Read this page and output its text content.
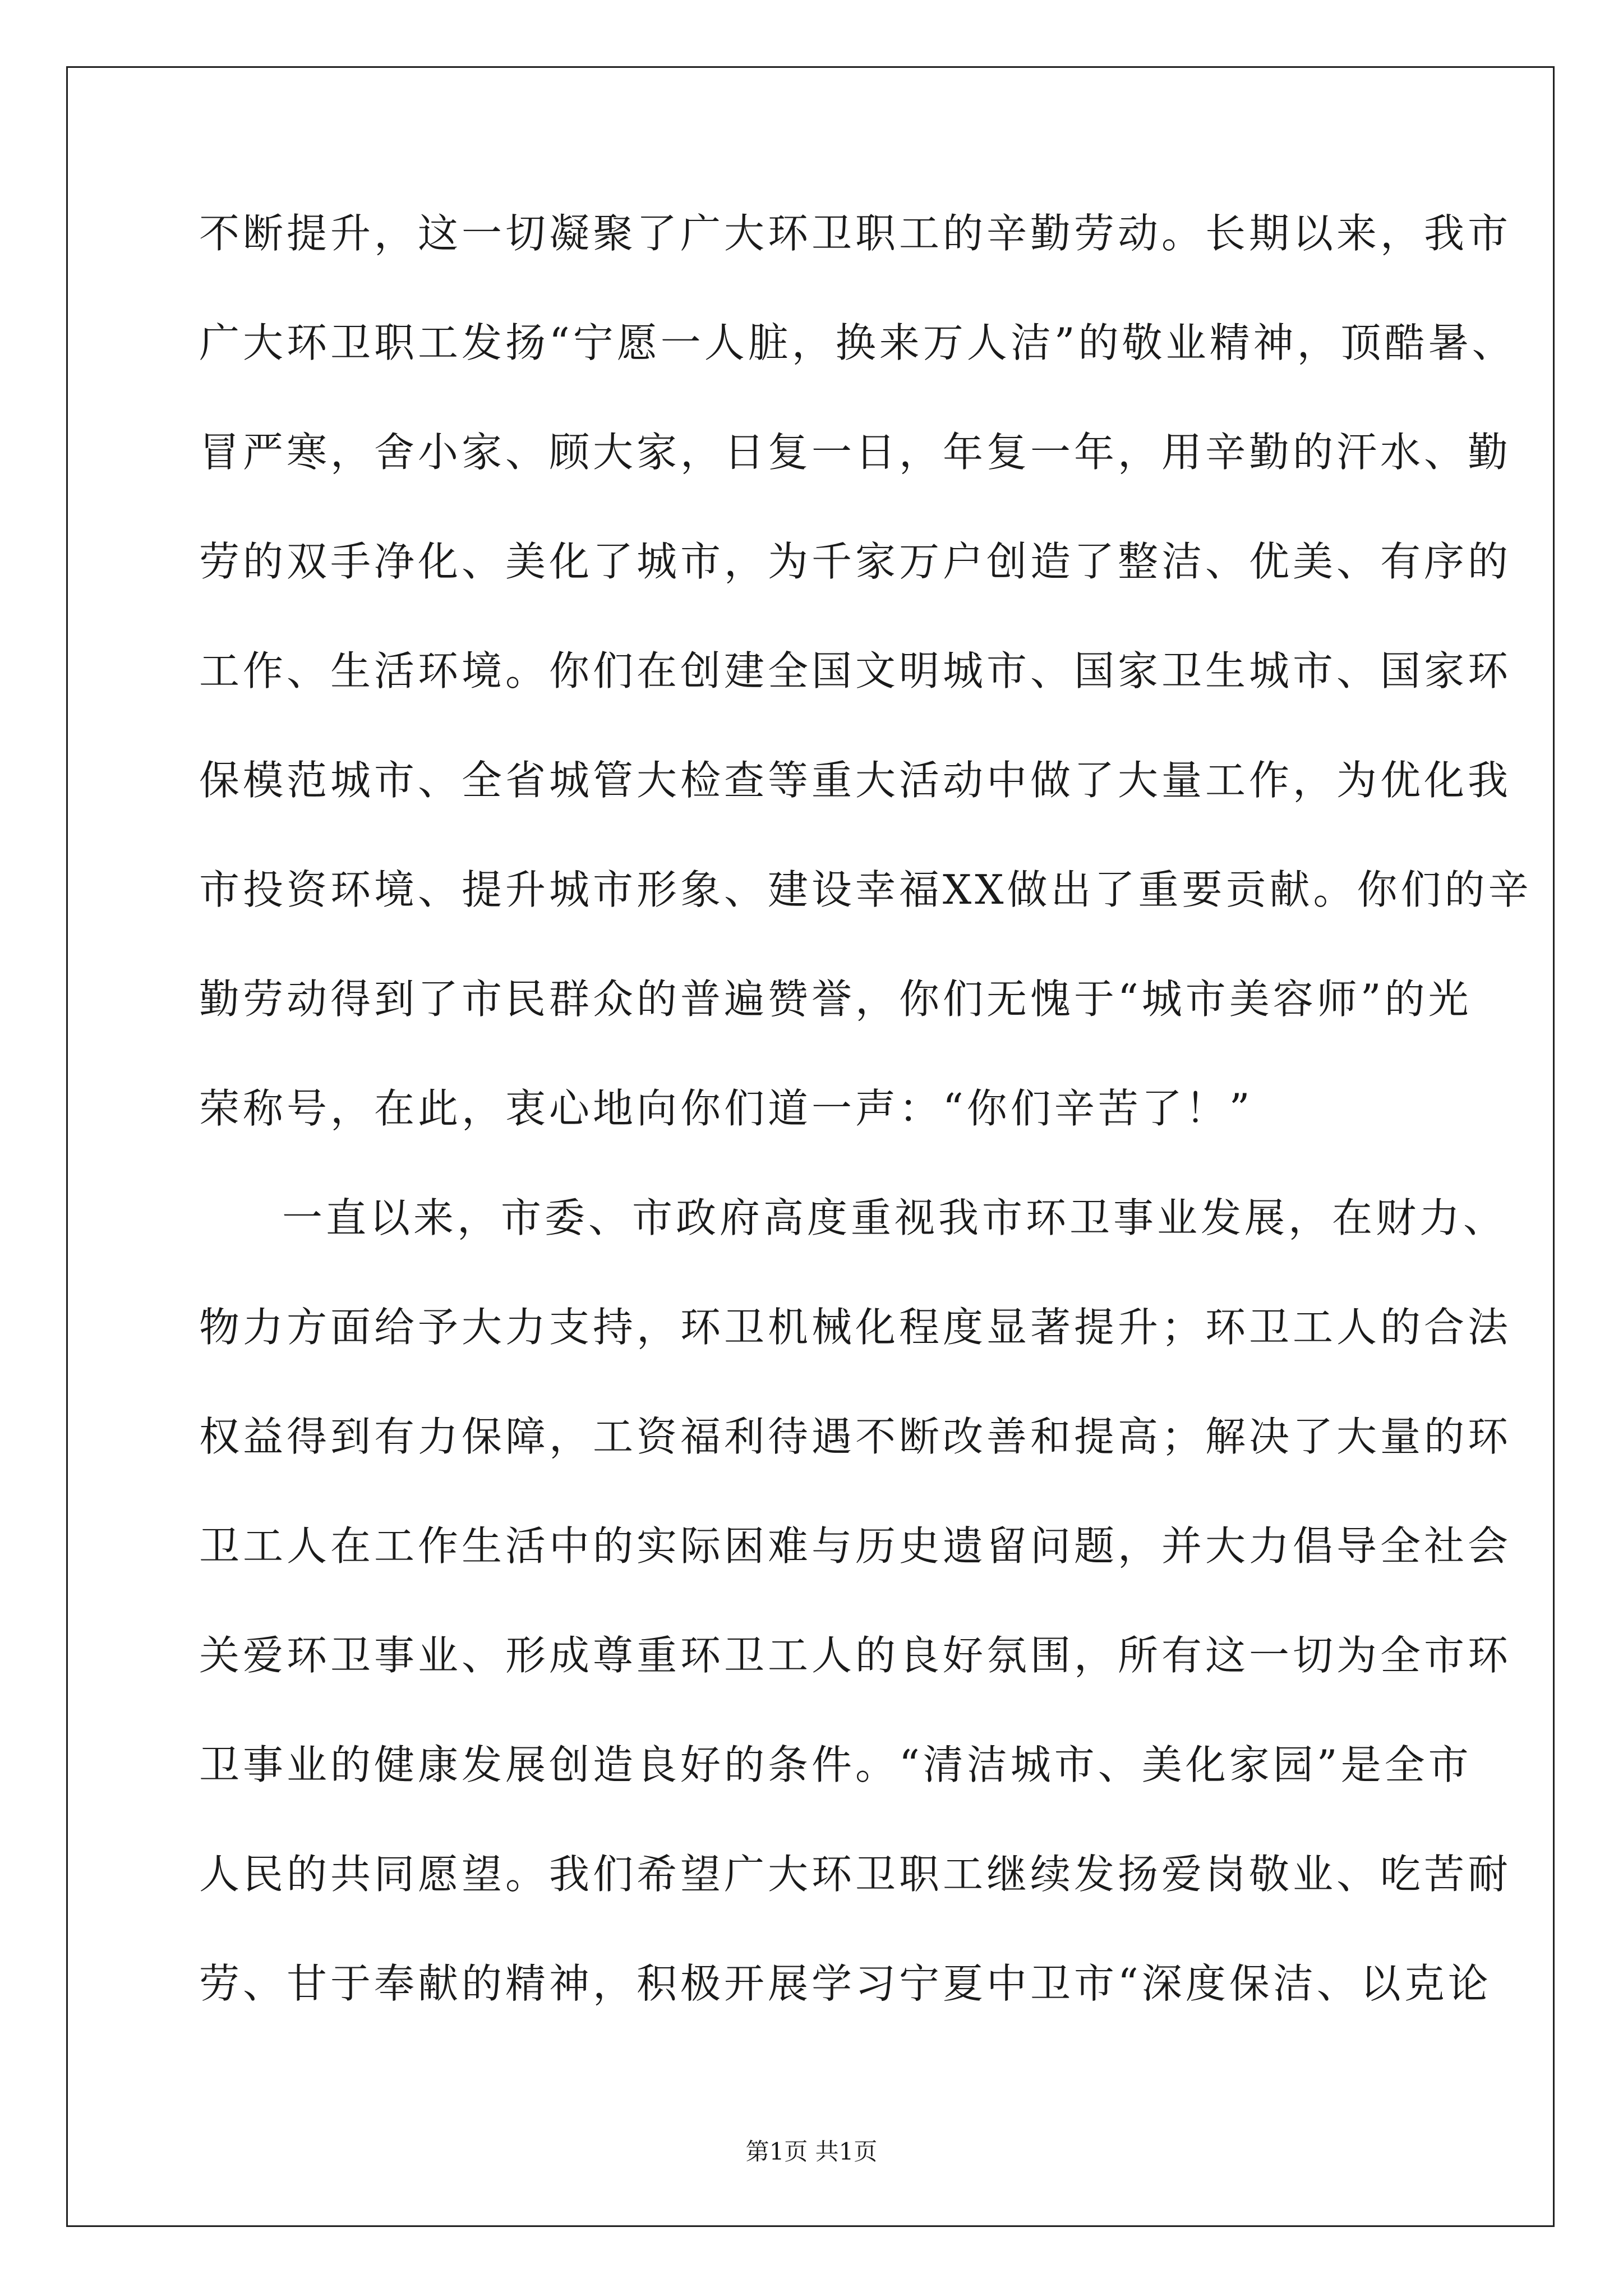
不断提升，这一切凝聚了广大环卫职工的辛勤劳动。长期以来，我市
广大环卫职工发扬“宁愿一人脏，换来万人洁”的敬业精神，顶酷暑、
冒严寒，舍小家、顾大家，日复一日，年复一年，用辛勤的汗水、勤
劳的双手净化、美化了城市，为千家万户创造了整洁、优美、有序的
工作、生活环境。你们在创建全国文明城市、国家卫生城市、国家环
保模范城市、全省城管大检查等重大活动中做了大量工作，为优化我
市投资环境、提升城市形象、建设幸福XX做出了重要贡献。你们的辛
勤劳动得到了市民群众的普遍赞誉，你们无愧于“城市美容师”的光
荣称号，在此，衷心地向你们道一声：“你们辛苦了！”
一直以来，市委、市政府高度重视我市环卫事业发展，在财力、
物力方面给予大力支持，环卫机械化程度显著提升；环卫工人的合法
权益得到有力保障，工资福利待遇不断改善和提高；解决了大量的环
卫工人在工作生活中的实际困难与历史遗留问题，并大力倡导全社会
关爱环卫事业、形成尊重环卫工人的良好氛围，所有这一切为全市环
卫事业的健康发展创造良好的条件。“清洁城市、美化家园”是全市
人民的共同愿望。我们希望广大环卫职工继续发扬爱岗敬业、吃苦耐
劳、甘于奉献的精神，积极开展学习宁夏中卫市“深度保洁、以克论
第1页 共1页
